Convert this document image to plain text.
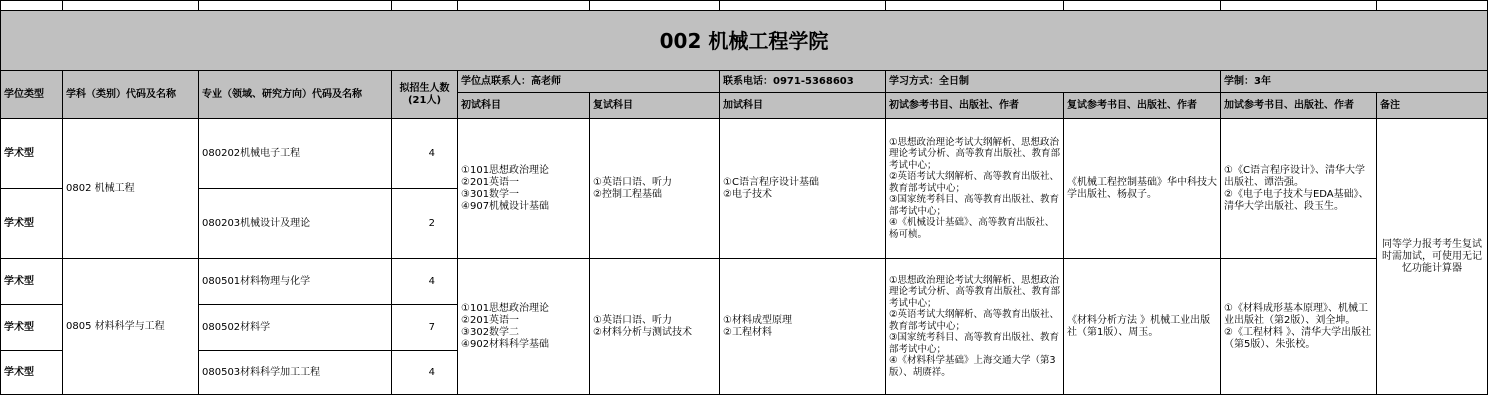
002 机械工程学院										
学位类型	学科（类别）代码及名称	专业（领域、研究方向）代码及名称	拟招生人数(21人)	学位点联系人：高老师		联系电话：0971-5368603	学习方式：全日制		学制：3年	
				初试科目	复试科目	加试科目	初试参考书目、出版社、作者	复试参考书目、出版社、作者	加试参考书目、出版社、作者	备注
学术型	0802 机械工程	080202机械电子工程	4	①101思想政治理论
②201英语一
③301数学一
④907机械设计基础	①英语口语、听力
②控制工程基础	①C语言程序设计基础
②电子技术	①思想政治理论考试大纲解析、思想政治理论考试分析、高等教育出版社、教育部考试中心；
②英语考试大纲解析、高等教育出版社、教育部考试中心；
③国家统考科目、高等教育出版社、教育部考试中心；
④《机械设计基础》、高等教育出版社、杨可桢。	《机械工程控制基础》华中科技大学出版社、杨叔子。	①《C语言程序设计》、清华大学出版社、谭浩强。
②《电子电子技术与EDA基础》、清华大学出版社、段玉生。	同等学力报考考生复试时需加试，可使用无记忆功能计算器
学术型		080203机械设计及理论	2							
学术型	0805 材料科学与工程	080501材料物理与化学	4	①101思想政治理论
②201英语一
③302数学二
④902材料科学基础	①英语口语、听力
②材料分析与测试技术	①材料成型原理
②工程材料	①思想政治理论考试大纲解析、思想政治理论考试分析、高等教育出版社、教育部考试中心；
②英语考试大纲解析、高等教育出版社、教育部考试中心；
③国家统考科目、高等教育出版社、教育部考试中心；
④《材料科学基础》上海交通大学（第3版）、胡赓祥。	《材料分析方法 》机械工业出版社（第1版）、周玉。	①《材料成形基本原理》、机械工业出版社（第2版）、刘全坤。　　　　②《工程材料 》、清华大学出版社（第5版）、朱张校。	
学术型		080502材料学	7							
学术型		080503材料科学加工工程	4							
